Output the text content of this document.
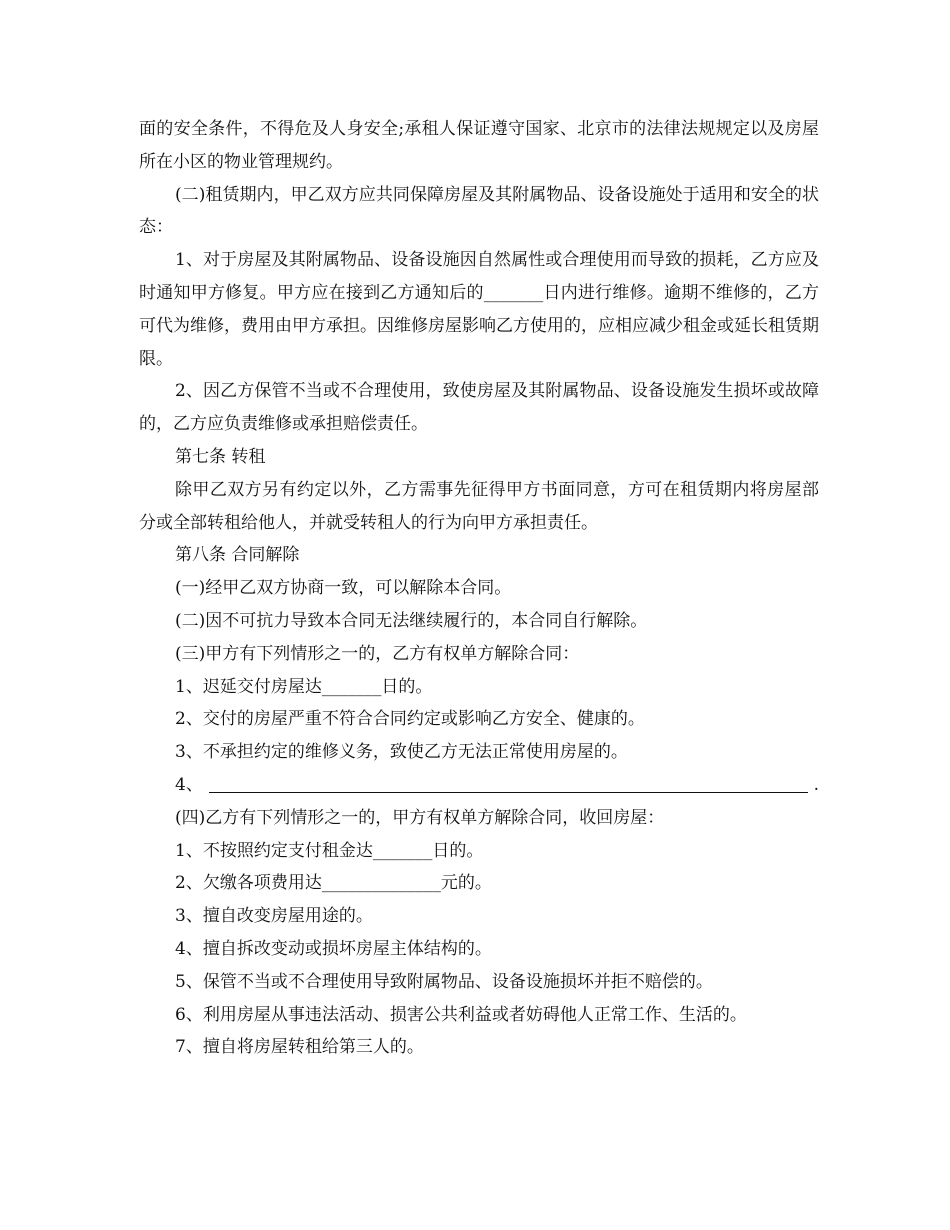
面的安全条件，不得危及人身安全;承租人保证遵守国家、北京市的法律法规规定以及房屋所在小区的物业管理规约。

(二)租赁期内，甲乙双方应共同保障房屋及其附属物品、设备设施处于适用和安全的状态：

1、对于房屋及其附属物品、设备设施因自然属性或合理使用而导致的损耗，乙方应及时通知甲方修复。甲方应在接到乙方通知后的_______日内进行维修。逾期不维修的，乙方可代为维修，费用由甲方承担。因维修房屋影响乙方使用的，应相应减少租金或延长租赁期限。

2、因乙方保管不当或不合理使用，致使房屋及其附属物品、设备设施发生损坏或故障的，乙方应负责维修或承担赔偿责任。

第七条 转租

除甲乙双方另有约定以外，乙方需事先征得甲方书面同意，方可在租赁期内将房屋部分或全部转租给他人，并就受转租人的行为向甲方承担责任。

第八条 合同解除

(一)经甲乙双方协商一致，可以解除本合同。

(二)因不可抗力导致本合同无法继续履行的，本合同自行解除。

(三)甲方有下列情形之一的，乙方有权单方解除合同：

1、迟延交付房屋达_______日的。

2、交付的房屋严重不符合合同约定或影响乙方安全、健康的。

3、不承担约定的维修义务，致使乙方无法正常使用房屋的。

4、	.

(四)乙方有下列情形之一的，甲方有权单方解除合同，收回房屋：

1、不按照约定支付租金达_______日的。

2、欠缴各项费用达______________元的。

3、擅自改变房屋用途的。

4、擅自拆改变动或损坏房屋主体结构的。

5、保管不当或不合理使用导致附属物品、设备设施损坏并拒不赔偿的。

6、利用房屋从事违法活动、损害公共利益或者妨碍他人正常工作、生活的。

7、擅自将房屋转租给第三人的。
